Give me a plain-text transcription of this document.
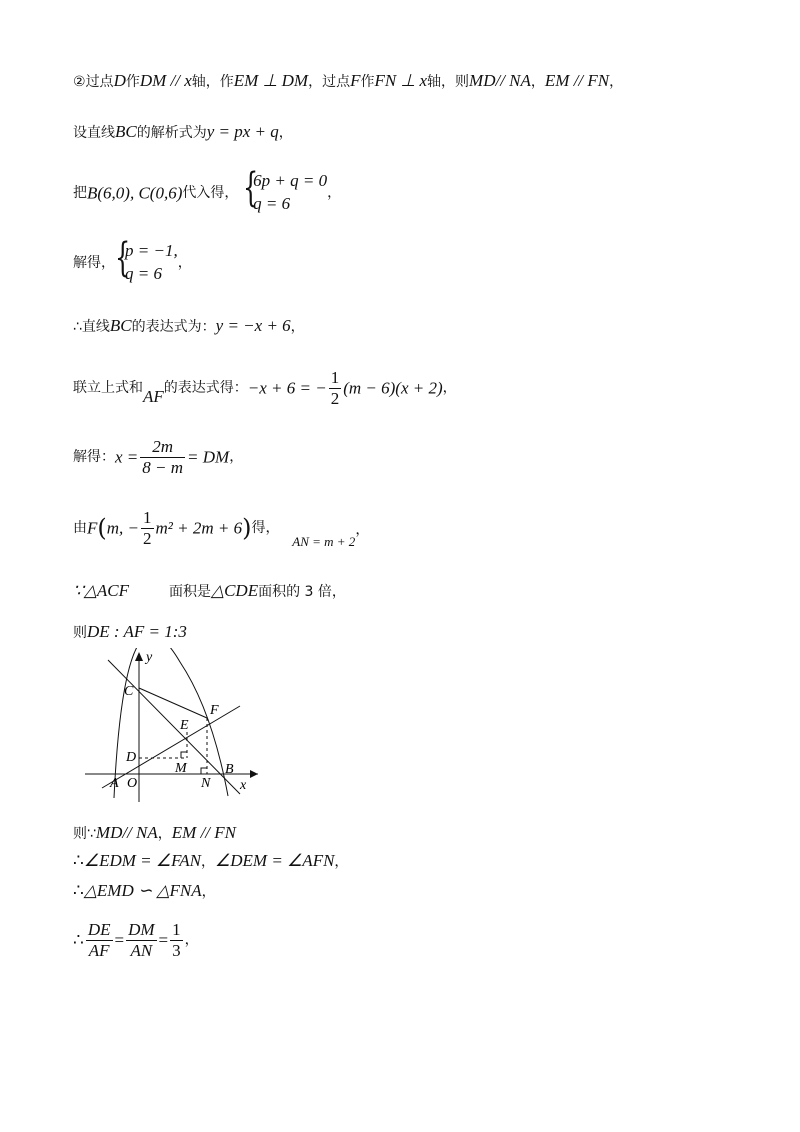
②过点D作DM // x轴，作EM ⊥ DM，过点F作FN ⊥ x轴，则MD// NA，EM // FN，
设直线BC的解析式为y = px + q，
把B(6,0), C(0,6)代入得， {
6p + q = 0
q = 6
，
解得， {
p = −1,
q = 6
，
∴直线BC的表达式为：y = −x + 6，
联立上式和AF的表达式得：−x + 6 = − $\frac{1}{2} (m - 6)(x + 2)$，
解得：$x = \frac{2m}{8 - m}$ = DM，
由F(m, − $\frac{1}{2} m^2 + 2m + 6$)得， AN = m + 2，
∵△ACF	面积是△CDE面积的 3 倍，
则DE : AF = 1:3
y
x
C
F
E
D
M
A O	N
B
则∵MD// NA，EM // FN
∴∠EDM = ∠FAN，∠DEM = ∠AFN，
∴△EMD ∽ △FNA，
∴ $\frac{DE}{AF} = \frac{DM}{AN} = \frac{1}{3}$ ，
